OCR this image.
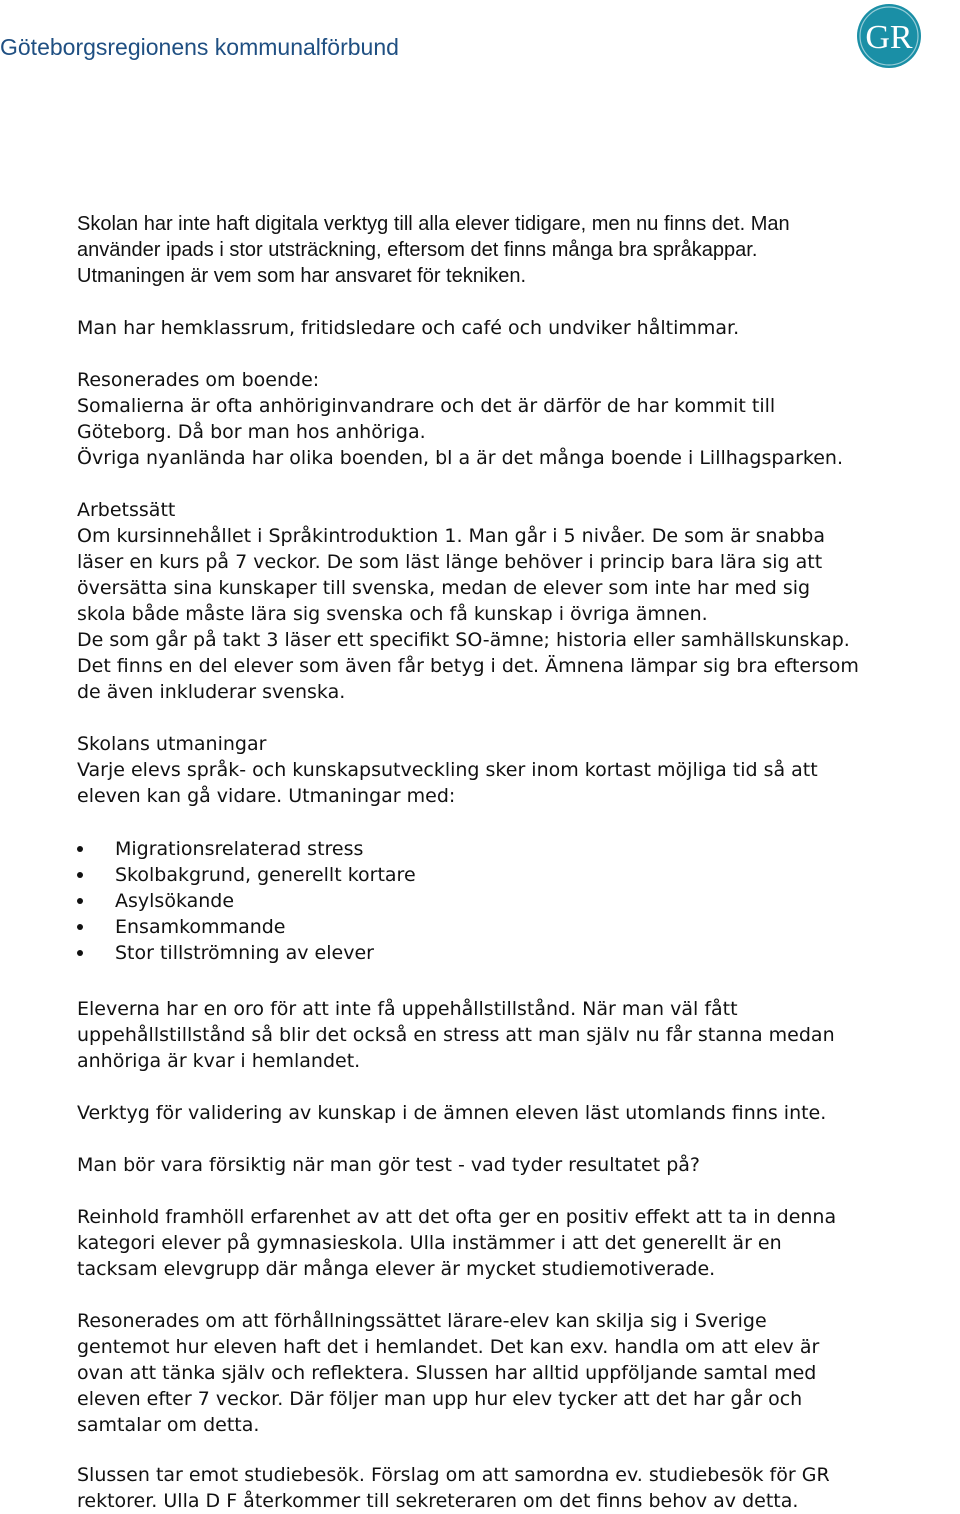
Göteborgsregionens kommunalförbund	GR
Skolan har inte haft digitala verktyg till alla elever tidigare, men nu finns det. Man
använder ipads i stor utsträckning, eftersom det finns många bra språkappar.
Utmaningen är vem som har ansvaret för tekniken.
Man har hemklassrum, fritidsledare och café och undviker håltimmar.
Resonerades om boende:
Somalierna är ofta anhöriginvandrare och det är därför de har kommit till
Göteborg. Då bor man hos anhöriga.
Övriga nyanlända har olika boenden, bl a är det många boende i Lillhagsparken.
Arbetssätt
Om kursinnehållet i Språkintroduktion 1. Man går i 5 nivåer. De som är snabba
läser en kurs på 7 veckor. De som läst länge behöver i princip bara lära sig att
översätta sina kunskaper till svenska, medan de elever som inte har med sig
skola både måste lära sig svenska och få kunskap i övriga ämnen.
De som går på takt 3 läser ett specifikt SO-ämne; historia eller samhällskunskap.
Det finns en del elever som även får betyg i det. Ämnena lämpar sig bra eftersom
de även inkluderar svenska.
Skolans utmaningar
Varje elevs språk- och kunskapsutveckling sker inom kortast möjliga tid så att
eleven kan gå vidare. Utmaningar med:
Migrationsrelaterad stress
Skolbakgrund, generellt kortare
Asylsökande
Ensamkommande
Stor tillströmning av elever
Eleverna har en oro för att inte få uppehållstillstånd. När man väl fått
uppehållstillstånd så blir det också en stress att man själv nu får stanna medan
anhöriga är kvar i hemlandet.
Verktyg för validering av kunskap i de ämnen eleven läst utomlands finns inte.
Man bör vara försiktig när man gör test - vad tyder resultatet på?
Reinhold framhöll erfarenhet av att det ofta ger en positiv effekt att ta in denna
kategori elever på gymnasieskola. Ulla instämmer i att det generellt är en
tacksam elevgrupp där många elever är mycket studiemotiverade.
Resonerades om att förhållningssättet lärare-elev kan skilja sig i Sverige
gentemot hur eleven haft det i hemlandet. Det kan exv. handla om att elev är
ovan att tänka själv och reflektera. Slussen har alltid uppföljande samtal med
eleven efter 7 veckor. Där följer man upp hur elev tycker att det har går och
samtalar om detta.
Slussen tar emot studiebesök. Förslag om att samordna ev. studiebesök för GR
rektorer. Ulla D F återkommer till sekreteraren om det finns behov av detta.
